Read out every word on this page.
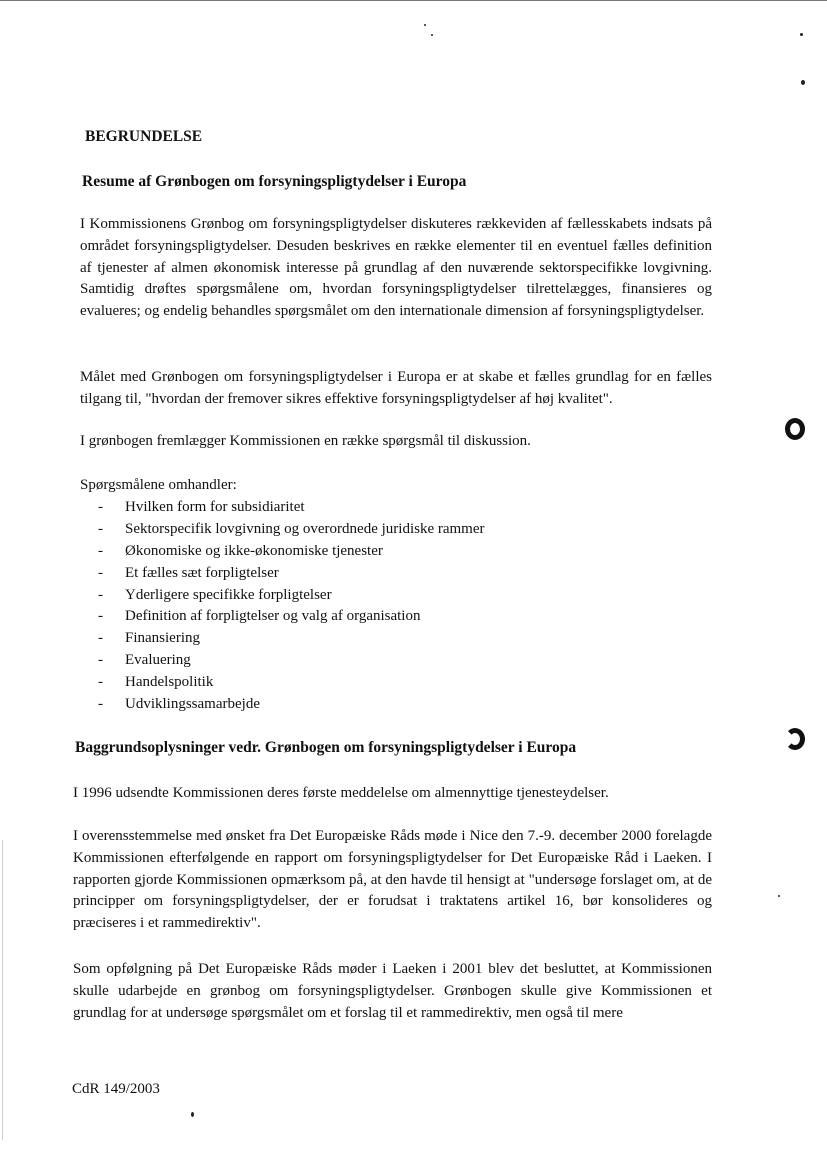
BEGRUNDELSE
Resume af Grønbogen om forsyningspligtydelser i Europa
I Kommissionens Grønbog om forsyningspligtydelser diskuteres rækkeviden af fællesskabets indsats på området forsyningspligtydelser. Desuden beskrives en række elementer til en eventuel fælles definition af tjenester af almen økonomisk interesse på grundlag af den nuværende sektorspecifikke lovgivning. Samtidig drøftes spørgsmålene om, hvordan forsyningspligtydelser tilrettelægges, finansieres og evalueres; og endelig behandles spørgsmålet om den internationale dimension af forsyningspligtydelser.
Målet med Grønbogen om forsyningspligtydelser i Europa er at skabe et fælles grundlag for en fælles tilgang til, "hvordan der fremover sikres effektive forsyningspligtydelser af høj kvalitet".
I grønbogen fremlægger Kommissionen en række spørgsmål til diskussion.
Spørgsmålene omhandler:
- Hvilken form for subsidiaritet
- Sektorspecifik lovgivning og overordnede juridiske rammer
- Økonomiske og ikke-økonomiske tjenester
- Et fælles sæt forpligtelser
- Yderligere specifikke forpligtelser
- Definition af forpligtelser og valg af organisation
- Finansiering
- Evaluering
- Handelspolitik
- Udviklingssamarbejde
Baggrundsoplysninger vedr. Grønbogen om forsyningspligtydelser i Europa
I 1996 udsendte Kommissionen deres første meddelelse om almennyttige tjenesteydelser.
I overensstemmelse med ønsket fra Det Europæiske Råds møde i Nice den 7.-9. december 2000 forelagde Kommissionen efterfølgende en rapport om forsyningspligtydelser for Det Europæiske Råd i Laeken. I rapporten gjorde Kommissionen opmærksom på, at den havde til hensigt at "undersøge forslaget om, at de principper om forsyningspligtydelser, der er forudsat i traktatens artikel 16, bør konsolideres og præciseres i et rammedirektiv".
Som opfølgning på Det Europæiske Råds møder i Laeken i 2001 blev det besluttet, at Kommissionen skulle udarbejde en grønbog om forsyningspligtydelser. Grønbogen skulle give Kommissionen et grundlag for at undersøge spørgsmålet om et forslag til et rammedirektiv, men også til mere
CdR 149/2003
